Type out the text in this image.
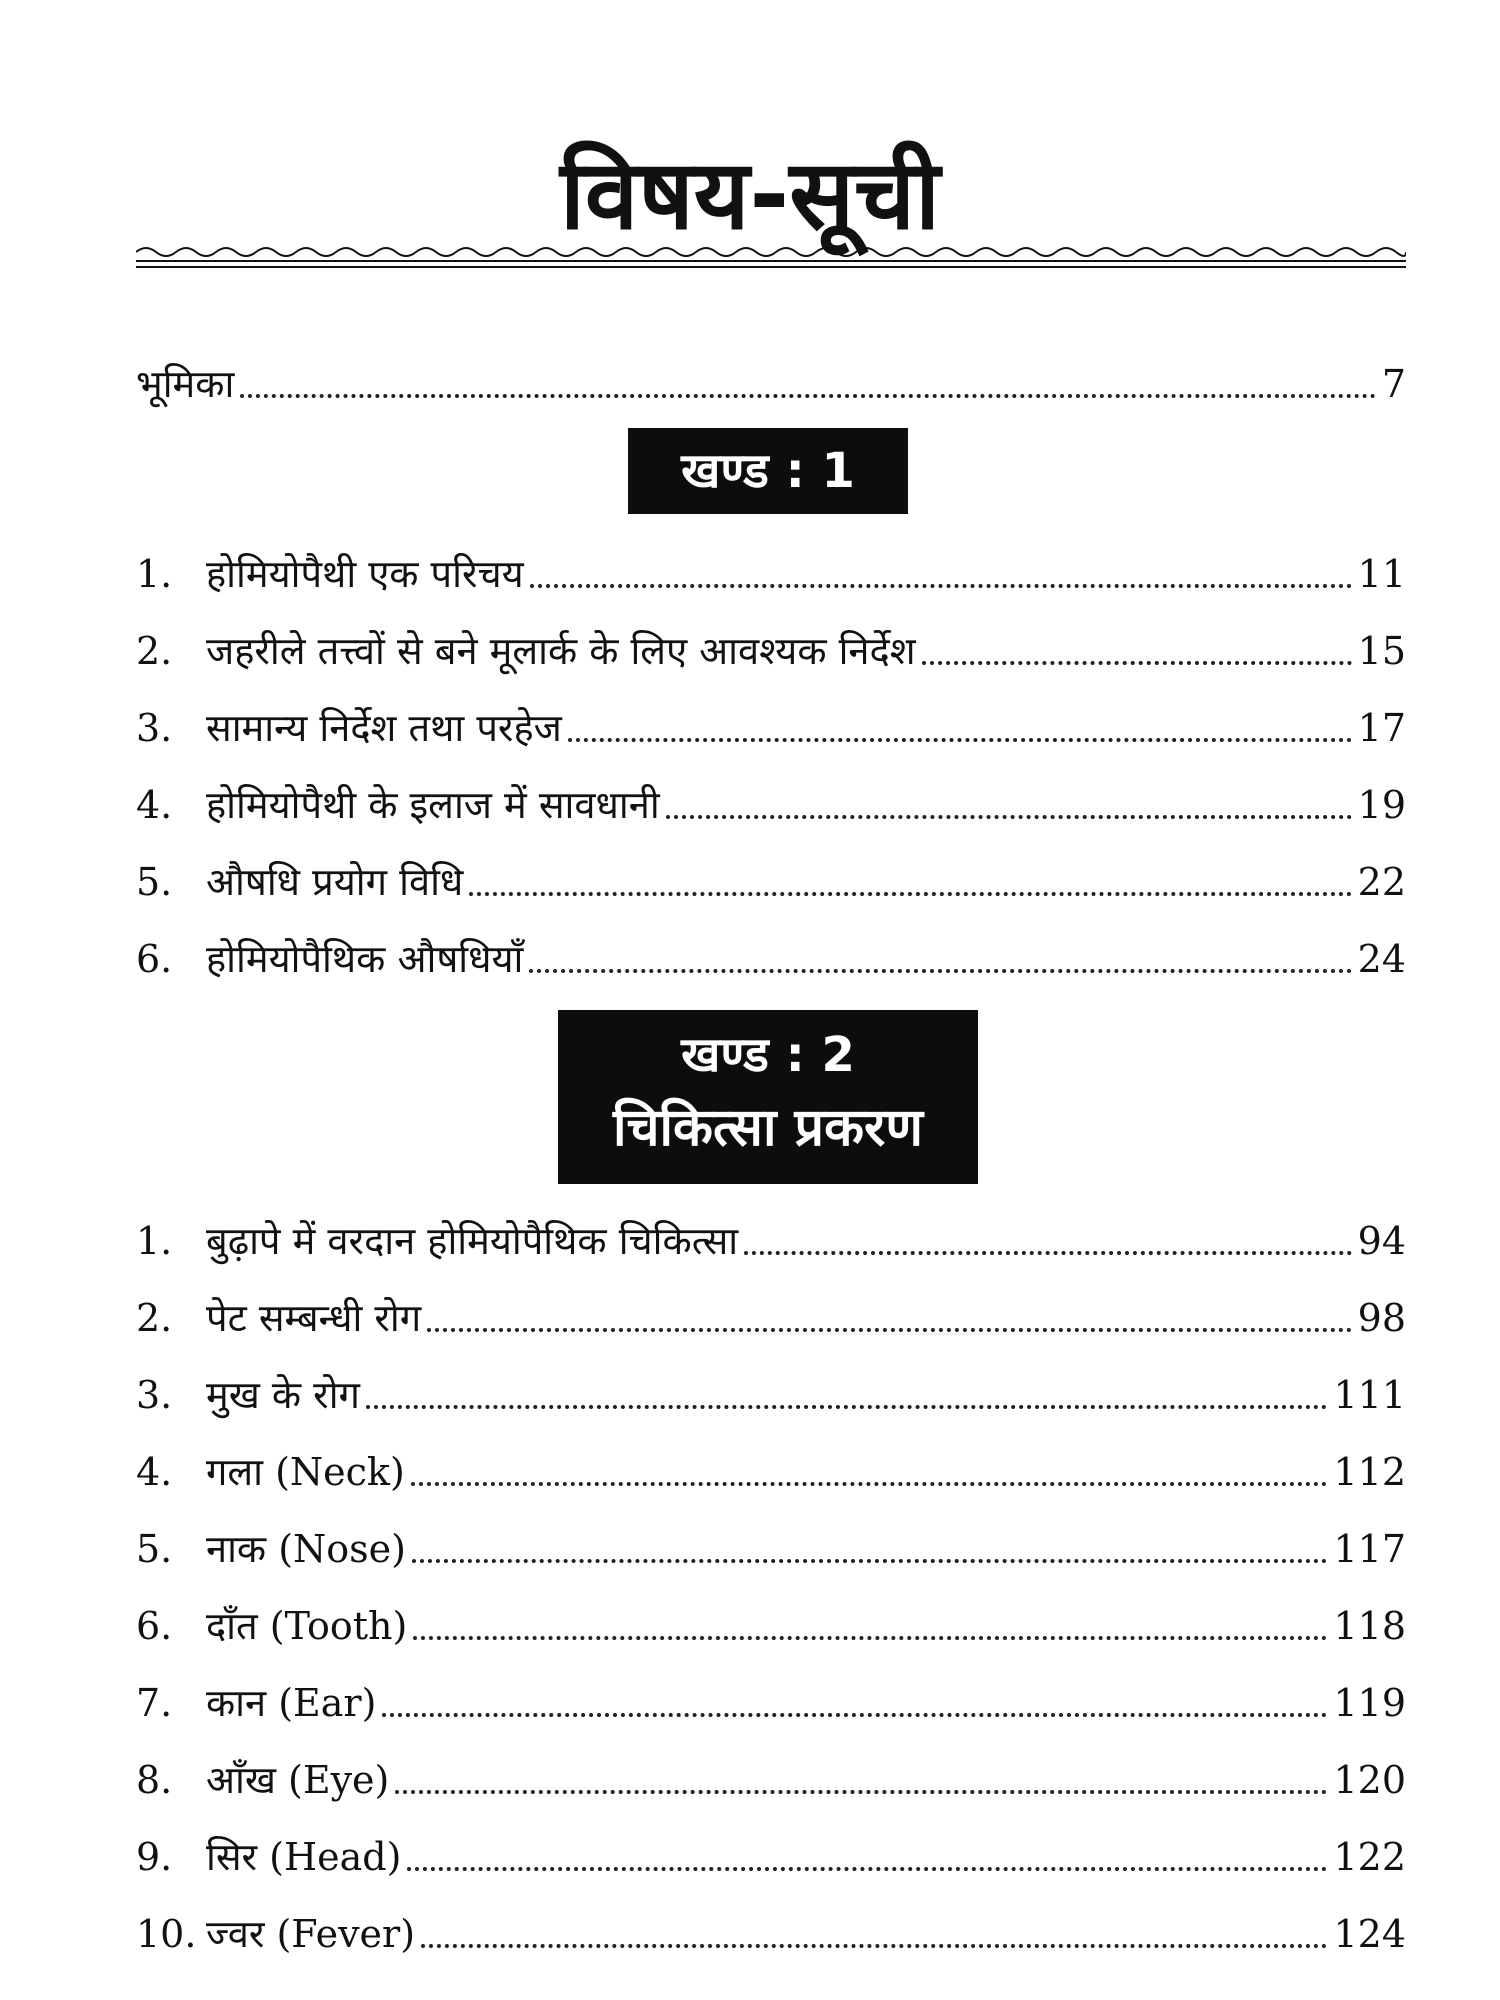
विषय-सूची
भूमिका	7
खण्ड : 1
1. होमियोपैथी एक परिचय	11
2. जहरीले तत्त्वों से बने मूलार्क के लिए आवश्यक निर्देश	15
3. सामान्य निर्देश तथा परहेज	17
4. होमियोपैथी के इलाज में सावधानी	19
5. औषधि प्रयोग विधि	22
6. होमियोपैथिक औषधियाँ	24
खण्ड : 2
चिकित्सा प्रकरण
1. बुढ़ापे में वरदान होमियोपैथिक चिकित्सा	94
2. पेट सम्बन्धी रोग	98
3. मुख के रोग	111
4. गला (Neck)	112
5. नाक (Nose)	117
6. दाँत (Tooth)	118
7. कान (Ear)	119
8. आँख (Eye)	120
9. सिर (Head)	122
10. ज्वर (Fever)	124
